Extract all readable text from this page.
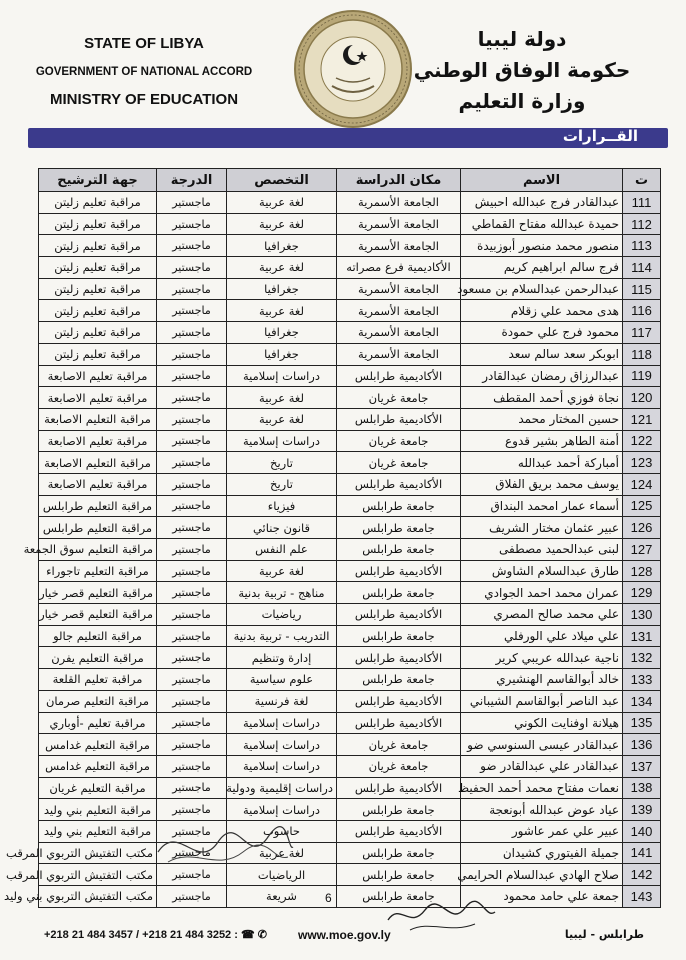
STATE OF LIBYA
GOVERNMENT OF NATIONAL ACCORD
MINISTRY OF EDUCATION
دولة ليبيا
حكومة الوفاق الوطني
وزارة التعليم
القــرارات
ت	الاسم	مكان الدراسة	التخصص	الدرجة	جهة الترشيح
111	عبدالقادر فرج عبدالله احبيش	الجامعة الأسمرية	لغة عربية	ماجستير	مراقبة تعليم زليتن
112	حميدة عبدالله مفتاح القماطي	الجامعة الأسمرية	لغة عربية	ماجستير	مراقبة تعليم زليتن
113	منصور محمد منصور أبوزبيدة	الجامعة الأسمرية	جغرافيا	ماجستير	مراقبة تعليم زليتن
114	فرج سالم ابراهيم كريم	الأكاديمية فرع مصراته	لغة عربية	ماجستير	مراقبة تعليم زليتن
115	عبدالرحمن عبدالسلام بن مسعود	الجامعة الأسمرية	جغرافيا	ماجستير	مراقبة تعليم زليتن
116	هدى محمد علي زقلام	الجامعة الأسمرية	لغة عربية	ماجستير	مراقبة تعليم زليتن
117	محمود فرج علي حمودة	الجامعة الأسمرية	جغرافيا	ماجستير	مراقبة تعليم زليتن
118	ابوبكر سعد سالم سعد	الجامعة الأسمرية	جغرافيا	ماجستير	مراقبة تعليم زليتن
119	عبدالرزاق رمضان عبدالقادر	الأكاديمية طرابلس	دراسات إسلامية	ماجستير	مراقبة تعليم الاصابعة
120	نجاة فوزي أحمد المقطف	جامعة غريان	لغة عربية	ماجستير	مراقبة تعليم الاصابعة
121	حسين المختار محمد	الأكاديمية طرابلس	لغة عربية	ماجستير	مراقبة التعليم الاصابعة
122	أمنة الطاهر بشير قدوع	جامعة غريان	دراسات إسلامية	ماجستير	مراقبة تعليم الاصابعة
123	أمباركة أحمد عبدالله	جامعة غريان	تاريخ	ماجستير	مراقبة التعليم الاصابعة
124	يوسف محمد بريق الفلاق	الأكاديمية طرابلس	تاريخ	ماجستير	مراقبة تعليم الاصابعة
125	أسماء عمار امحمد البنداق	جامعة طرابلس	فيزياء	ماجستير	مراقبة التعليم طرابلس
126	عبير عثمان مختار الشريف	جامعة طرابلس	قانون جنائي	ماجستير	مراقبة التعليم طرابلس
127	لبنى عبدالحميد مصطفى	جامعة طرابلس	علم النفس	ماجستير	مراقبة التعليم سوق الجمعة
128	طارق عبدالسلام الشاوش	الأكاديمية طرابلس	لغة عربية	ماجستير	مراقبة التعليم تاجوراء
129	عمران محمد احمد الجوادي	جامعة طرابلس	مناهج - تربية بدنية	ماجستير	مراقبة التعليم قصر خيار
130	علي محمد صالح المصري	الأكاديمية طرابلس	رياضيات	ماجستير	مراقبة التعليم قصر خيار
131	علي ميلاد علي الورفلي	جامعة طرابلس	التدريب - تربية بدنية	ماجستير	مراقبة التعليم جالو
132	ناجية عبدالله عريبي كرير	الأكاديمية طرابلس	إدارة وتنظيم	ماجستير	مراقبة التعليم يفرن
133	خالد أبوالقاسم الهنشيري	جامعة طرابلس	علوم سياسية	ماجستير	مراقبة تعليم القلعة
134	عبد الناصر أبوالقاسم الشيباني	الأكاديمية طرابلس	لغة فرنسية	ماجستير	مراقبة التعليم صرمان
135	هيلانة اوفنايت الكوني	الأكاديمية طرابلس	دراسات إسلامية	ماجستير	مراقبة تعليم -أوباري
136	عبدالقادر عيسى السنوسي ضو	جامعة غريان	دراسات إسلامية	ماجستير	مراقبة التعليم غدامس
137	عبدالقادر علي عبدالقادر ضو	جامعة غريان	دراسات إسلامية	ماجستير	مراقبة التعليم غدامس
138	نعمات مفتاح محمد أحمد الحفيظ	الأكاديمية طرابلس	دراسات إقليمية ودولية	ماجستير	مراقبة التعليم غريان
139	عياد عوض عبدالله أبونعجة	جامعة طرابلس	دراسات إسلامية	ماجستير	مراقبة التعليم بني وليد
140	عبير علي عمر عاشور	الأكاديمية طرابلس	حاسوب	ماجستير	مراقبة التعليم بني وليد
141	جميلة الفيتوري كشيدان	جامعة طرابلس	لغة عربية	ماجستير	مكتب التفتيش التربوي المرقب
142	صلاح الهادي عبدالسلام الحرايمي	جامعة طرابلس	الرياضيات	ماجستير	مكتب التفتيش التربوي المرقب
143	جمعة علي حامد محمود	جامعة طرابلس	شريعة	ماجستير	مكتب التفتيش التربوي بني وليد	6
+218 21 484 3457 / +218 21 484 3252 : ☎ ✆	www.moe.gov.ly	طرابلس - ليبيا
